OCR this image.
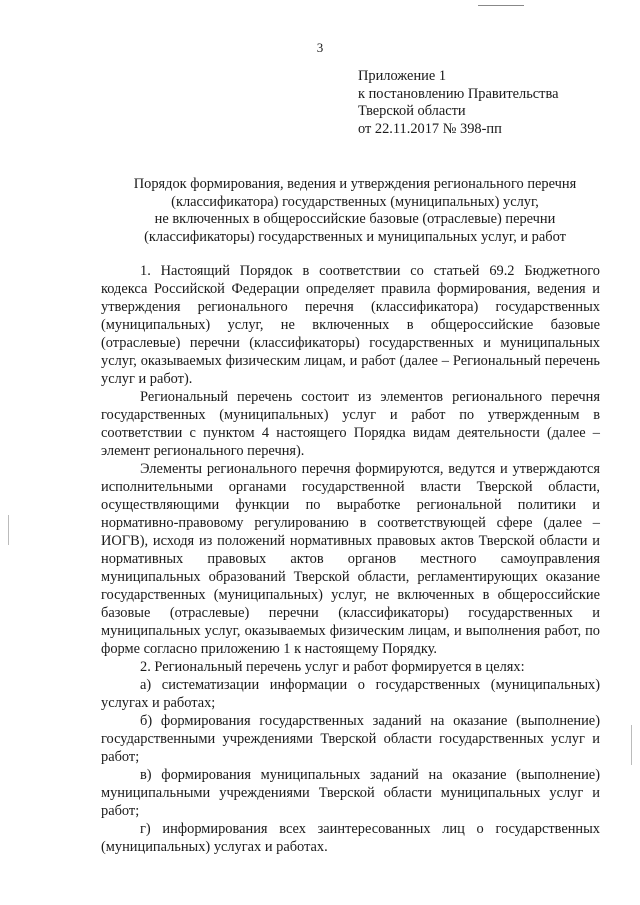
3
Приложение 1
к постановлению Правительства
Тверской области
от 22.11.2017 № 398-пп
Порядок формирования, ведения и утверждения регионального перечня
(классификатора) государственных (муниципальных) услуг,
не включенных в общероссийские базовые (отраслевые) перечни
(классификаторы) государственных и муниципальных услуг, и работ

1. Настоящий Порядок в соответствии со статьей 69.2 Бюджетного кодекса Российской Федерации определяет правила формирования, ведения и утверждения регионального перечня (классификатора) государственных (муниципальных) услуг, не включенных в общероссийские базовые (отраслевые) перечни (классификаторы) государственных и муниципальных услуг, оказываемых физическим лицам, и работ (далее – Региональный перечень услуг и работ).

Региональный перечень состоит из элементов регионального перечня государственных (муниципальных) услуг и работ по утвержденным в соответствии с пунктом 4 настоящего Порядка видам деятельности (далее – элемент регионального перечня).

Элементы регионального перечня формируются, ведутся и утверждаются исполнительными органами государственной власти Тверской области, осуществляющими функции по выработке региональной политики и нормативно-правовому регулированию в соответствующей сфере (далее – ИОГВ), исходя из положений нормативных правовых актов Тверской области и нормативных правовых актов органов местного самоуправления муниципальных образований Тверской области, регламентирующих оказание государственных (муниципальных) услуг, не включенных в общероссийские базовые (отраслевые) перечни (классификаторы) государственных и муниципальных услуг, оказываемых физическим лицам, и выполнения работ, по форме согласно приложению 1 к настоящему Порядку.

2. Региональный перечень услуг и работ формируется в целях:

а) систематизации информации о государственных (муниципальных) услугах и работах;

б) формирования государственных заданий на оказание (выполнение) государственными учреждениями Тверской области государственных услуг и работ;

в) формирования муниципальных заданий на оказание (выполнение) муниципальными учреждениями Тверской области муниципальных услуг и работ;

г) информирования всех заинтересованных лиц о государственных (муниципальных) услугах и работах.
